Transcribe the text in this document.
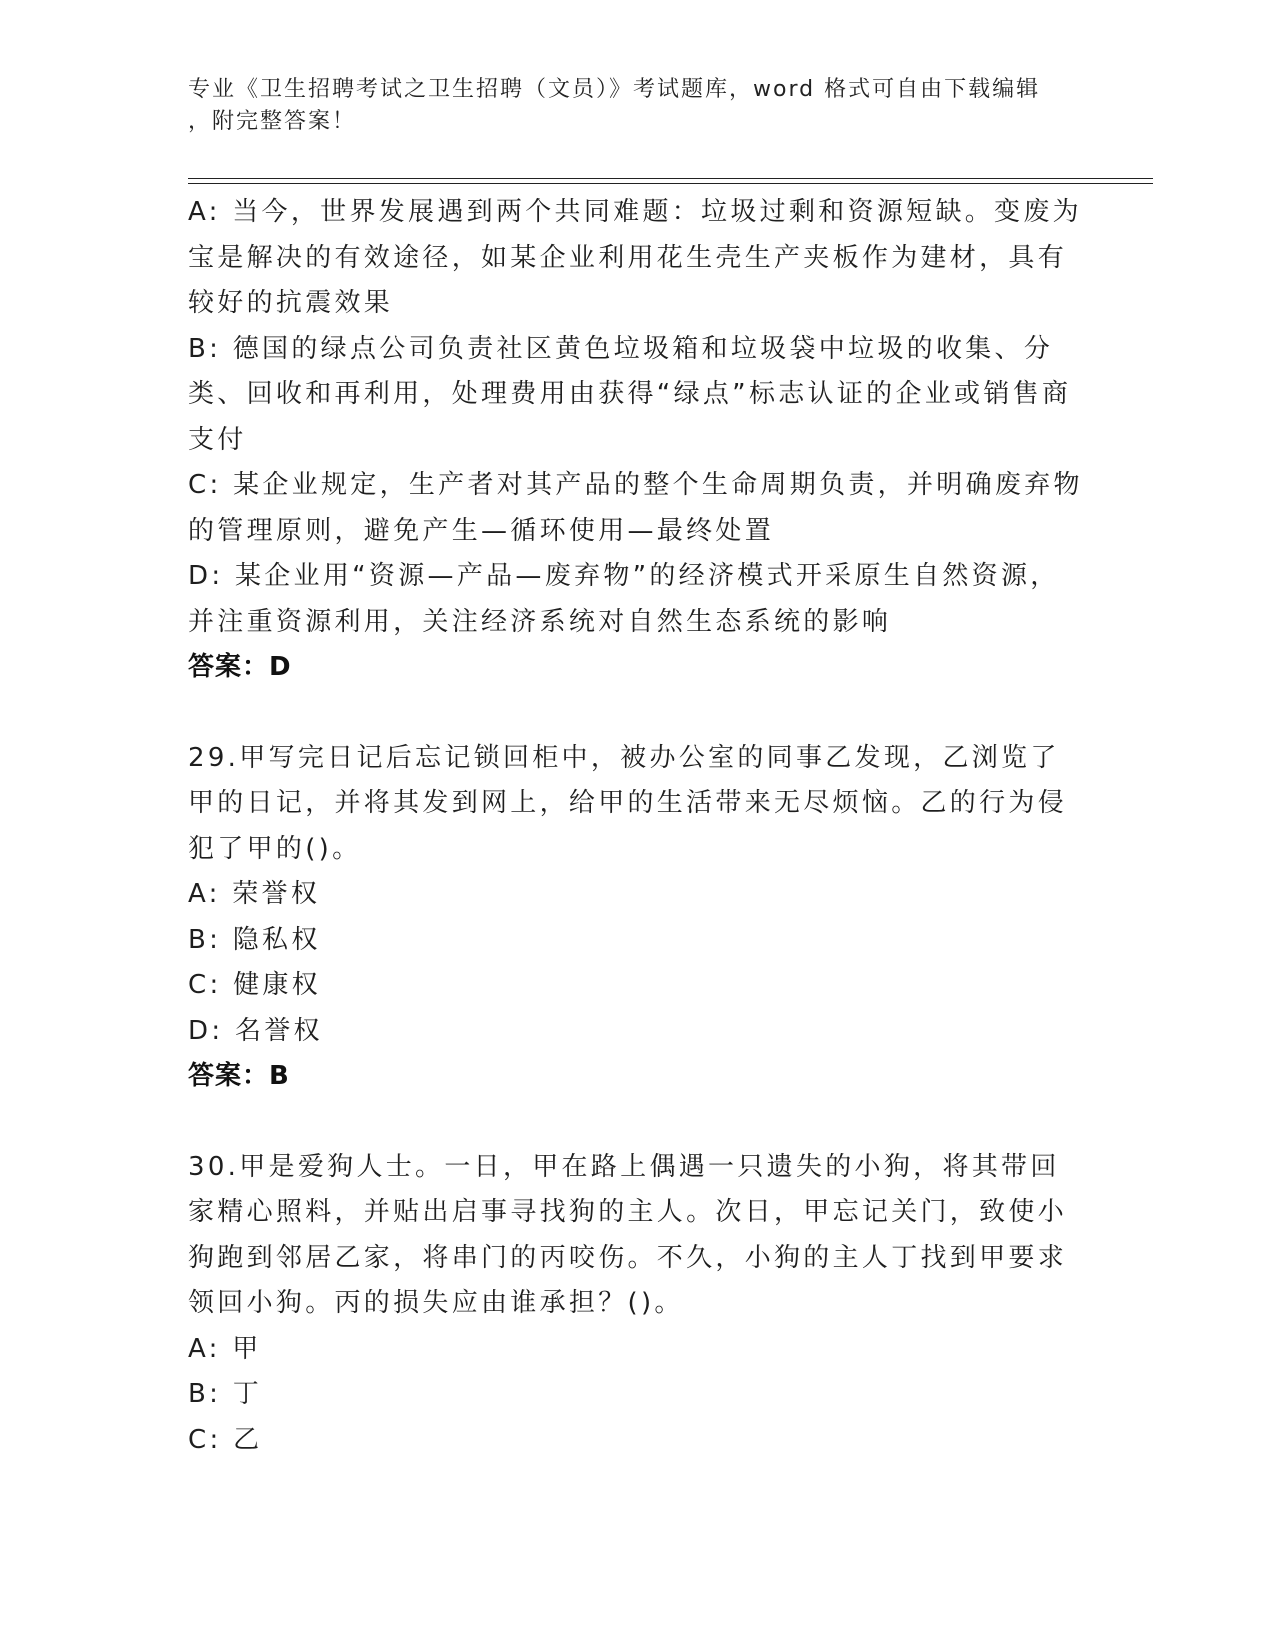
专业《卫生招聘考试之卫生招聘（文员）》考试题库，word 格式可自由下载编辑
，附完整答案！

A: 当今，世界发展遇到两个共同难题：垃圾过剩和资源短缺。变废为宝是解决的有效途径，如某企业利用花生壳生产夹板作为建材，具有较好的抗震效果

B: 德国的绿点公司负责社区黄色垃圾箱和垃圾袋中垃圾的收集、分类、回收和再利用，处理费用由获得“绿点”标志认证的企业或销售商支付

C: 某企业规定，生产者对其产品的整个生命周期负责，并明确废弃物的管理原则，避免产生—循环使用—最终处置

D: 某企业用“资源—产品—废弃物”的经济模式开采原生自然资源，并注重资源利用，关注经济系统对自然生态系统的影响

答案：D

29.甲写完日记后忘记锁回柜中，被办公室的同事乙发现，乙浏览了甲的日记，并将其发到网上，给甲的生活带来无尽烦恼。乙的行为侵犯了甲的()。

A: 荣誉权

B: 隐私权

C: 健康权

D: 名誉权

答案：B

30.甲是爱狗人士。一日，甲在路上偶遇一只遗失的小狗，将其带回家精心照料，并贴出启事寻找狗的主人。次日，甲忘记关门，致使小狗跑到邻居乙家，将串门的丙咬伤。不久，小狗的主人丁找到甲要求领回小狗。丙的损失应由谁承担？()。

A: 甲

B: 丁

C: 乙
